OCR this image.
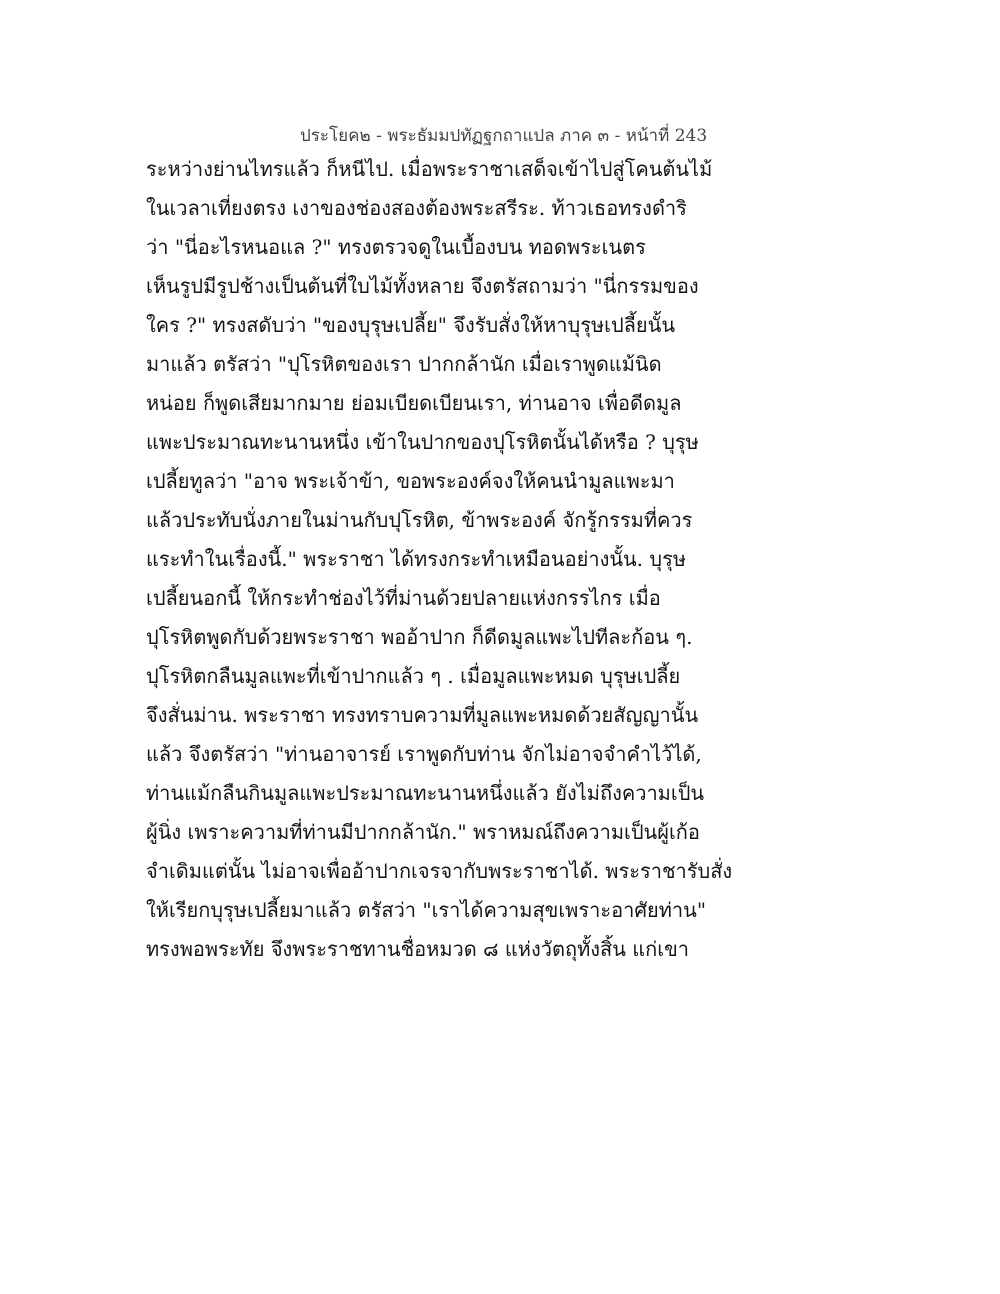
ประโยค๒ - พระธัมมปทัฏฐกถาแปล ภาค ๓ - หน้าที่ 243
ระหว่างย่านไทรแล้ว ก็หนีไป. เมื่อพระราชาเสด็จเข้าไปสู่โคนต้นไม้
ในเวลาเที่ยงตรง เงาของช่องสองต้องพระสรีระ. ท้าวเธอทรงดำริ
ว่า "นี่อะไรหนอแล ?" ทรงตรวจดูในเบื้องบน ทอดพระเนตร
เห็นรูปมีรูปช้างเป็นต้นที่ใบไม้ทั้งหลาย จึงตรัสถามว่า "นี่กรรมของ
ใคร ?" ทรงสดับว่า "ของบุรุษเปลี้ย" จึงรับสั่งให้หาบุรุษเปลี้ยนั้น
มาแล้ว ตรัสว่า "ปุโรหิตของเรา ปากกล้านัก เมื่อเราพูดแม้นิด
หน่อย ก็พูดเสียมากมาย ย่อมเบียดเบียนเรา, ท่านอาจ เพื่อดีดมูล
แพะประมาณทะนานหนึ่ง เข้าในปากของปุโรหิตนั้นได้หรือ ? บุรุษ
เปลี้ยทูลว่า "อาจ พระเจ้าข้า, ขอพระองค์จงให้คนนำมูลแพะมา
แล้วประทับนั่งภายในม่านกับปุโรหิต, ข้าพระองค์ จักรู้กรรมที่ควร
แระทำในเรื่องนี้." พระราชา ได้ทรงกระทำเหมือนอย่างนั้น. บุรุษ
เปลี้ยนอกนี้ ให้กระทำช่องไว้ที่ม่านด้วยปลายแห่งกรรไกร เมื่อ
ปุโรหิตพูดกับด้วยพระราชา พออ้าปาก ก็ดีดมูลแพะไปทีละก้อน ๆ.
ปุโรหิตกลืนมูลแพะที่เข้าปากแล้ว ๆ . เมื่อมูลแพะหมด บุรุษเปลี้ย
จึงสั่นม่าน. พระราชา ทรงทราบความที่มูลแพะหมดด้วยสัญญานั้น
แล้ว จึงตรัสว่า "ท่านอาจารย์ เราพูดกับท่าน จักไม่อาจจำคำไว้ได้,
ท่านแม้กลืนกินมูลแพะประมาณทะนานหนึ่งแล้ว ยังไม่ถึงความเป็น
ผู้นิ่ง เพราะความที่ท่านมีปากกล้านัก." พราหมณ์ถึงความเป็นผู้เก้อ
จำเดิมแต่นั้น ไม่อาจเพื่ออ้าปากเจรจากับพระราชาได้. พระราชารับสั่ง
ให้เรียกบุรุษเปลี้ยมาแล้ว ตรัสว่า "เราได้ความสุขเพราะอาศัยท่าน"
ทรงพอพระทัย จึงพระราชทานชื่อหมวด ๘ แห่งวัตถุทั้งสิ้น แก่เขา
